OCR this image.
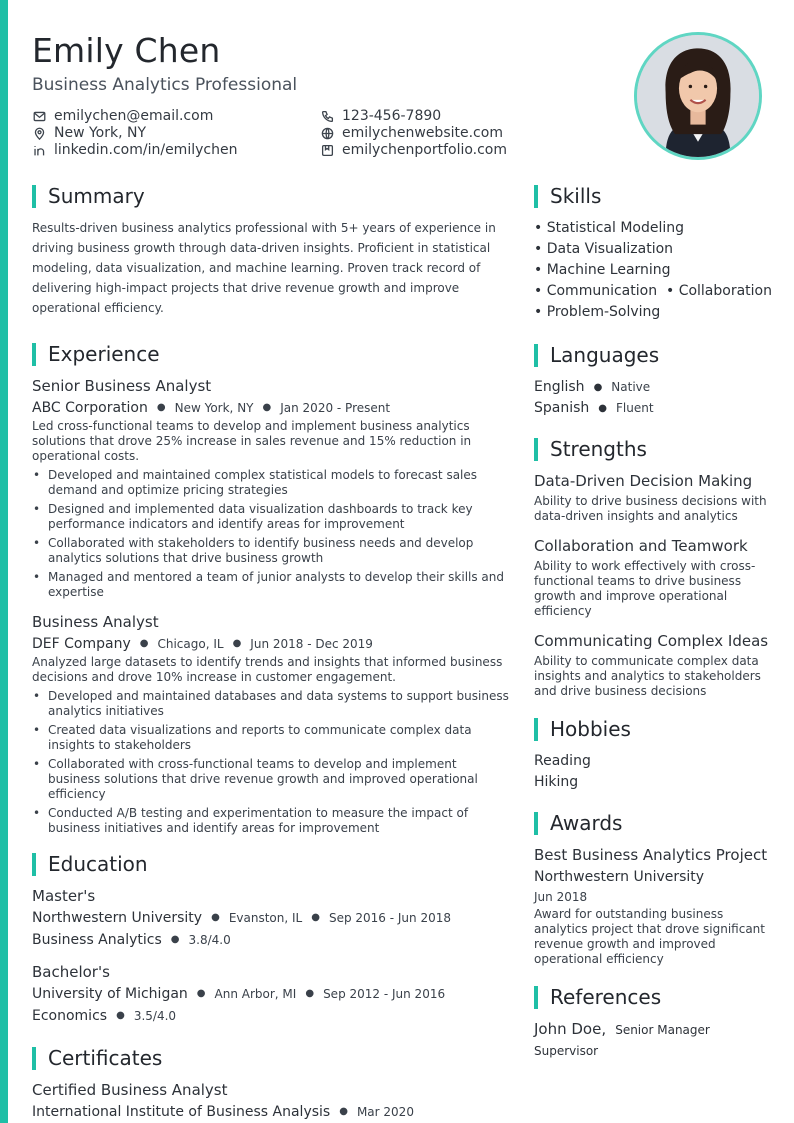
Emily Chen
Business Analytics Professional
emilychen@email.com	123-456-7890
New York, NY	emilychenwebsite.com
linkedin.com/in/emilychen	emilychenportfolio.com
Summary
Results-driven business analytics professional with 5+ years of experience in driving business growth through data-driven insights. Proficient in statistical modeling, data visualization, and machine learning. Proven track record of delivering high-impact projects that drive revenue growth and improve operational efficiency.
Experience
Senior Business Analyst
ABC Corporation ● New York, NY ● Jan 2020 - Present
Led cross-functional teams to develop and implement business analytics solutions that drove 25% increase in sales revenue and 15% reduction in operational costs.
• Developed and maintained complex statistical models to forecast sales demand and optimize pricing strategies
• Designed and implemented data visualization dashboards to track key performance indicators and identify areas for improvement
• Collaborated with stakeholders to identify business needs and develop analytics solutions that drive business growth
• Managed and mentored a team of junior analysts to develop their skills and expertise
Business Analyst
DEF Company ● Chicago, IL ● Jun 2018 - Dec 2019
Analyzed large datasets to identify trends and insights that informed business decisions and drove 10% increase in customer engagement.
• Developed and maintained databases and data systems to support business analytics initiatives
• Created data visualizations and reports to communicate complex data insights to stakeholders
• Collaborated with cross-functional teams to develop and implement business solutions that drive revenue growth and improved operational efficiency
• Conducted A/B testing and experimentation to measure the impact of business initiatives and identify areas for improvement
Education
Master's
Northwestern University ● Evanston, IL ● Sep 2016 - Jun 2018
Business Analytics ● 3.8/4.0
Bachelor's
University of Michigan ● Ann Arbor, MI ● Sep 2012 - Jun 2016
Economics ● 3.5/4.0
Certificates
Certified Business Analyst
International Institute of Business Analysis ● Mar 2020
Skills
• Statistical Modeling
• Data Visualization
• Machine Learning
• Communication  • Collaboration
• Problem-Solving
Languages
English ● Native
Spanish ● Fluent
Strengths
Data-Driven Decision Making
Ability to drive business decisions with data-driven insights and analytics
Collaboration and Teamwork
Ability to work effectively with cross-functional teams to drive business growth and improve operational efficiency
Communicating Complex Ideas
Ability to communicate complex data insights and analytics to stakeholders and drive business decisions
Hobbies
Reading
Hiking
Awards
Best Business Analytics Project
Northwestern University
Jun 2018
Award for outstanding business analytics project that drove significant revenue growth and improved operational efficiency
References
John Doe, Senior Manager
Supervisor
